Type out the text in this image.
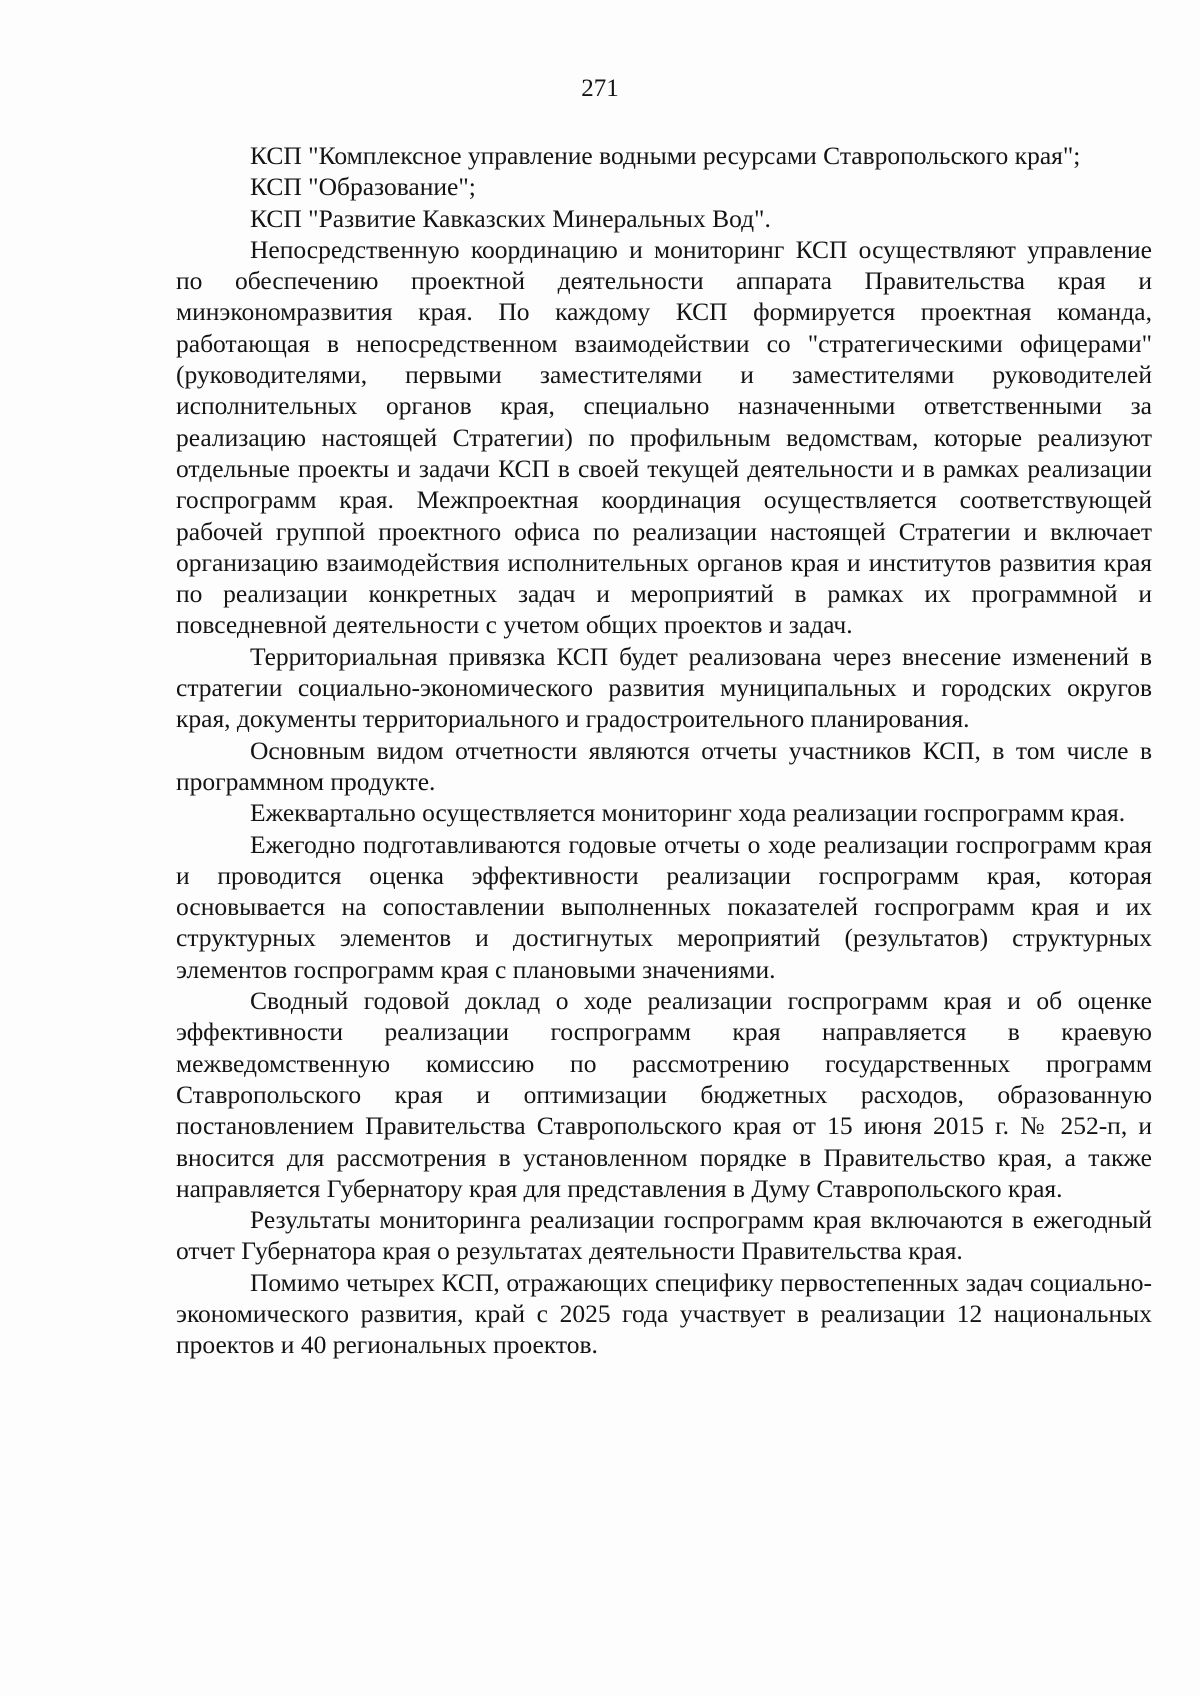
271

КСП "Комплексное управление водными ресурсами Ставропольского края";

КСП "Образование";

КСП "Развитие Кавказских Минеральных Вод".

Непосредственную координацию и мониторинг КСП осуществляют управление по обеспечению проектной деятельности аппарата Правительства края и минэкономразвития края. По каждому КСП формируется проектная команда, работающая в непосредственном взаимодействии со "стратегическими офицерами" (руководителями, первыми заместителями и заместителями руководителей исполнительных органов края, специально назначенными ответственными за реализацию настоящей Стратегии) по профильным ведомствам, которые реализуют отдельные проекты и задачи КСП в своей текущей деятельности и в рамках реализации госпрограмм края. Межпроектная координация осуществляется соответствующей рабочей группой проектного офиса по реализации настоящей Стратегии и включает организацию взаимодействия исполнительных органов края и институтов развития края по реализации конкретных задач и мероприятий в рамках их программной и повседневной деятельности с учетом общих проектов и задач.

Территориальная привязка КСП будет реализована через внесение изменений в стратегии социально-экономического развития муниципальных и городских округов края, документы территориального и градостроительного планирования.

Основным видом отчетности являются отчеты участников КСП, в том числе в программном продукте.

Ежеквартально осуществляется мониторинг хода реализации госпрограмм края.

Ежегодно подготавливаются годовые отчеты о ходе реализации госпрограмм края и проводится оценка эффективности реализации госпрограмм края, которая основывается на сопоставлении выполненных показателей госпрограмм края и их структурных элементов и достигнутых мероприятий (результатов) структурных элементов госпрограмм края с плановыми значениями.

Сводный годовой доклад о ходе реализации госпрограмм края и об оценке эффективности реализации госпрограмм края направляется в краевую межведомственную комиссию по рассмотрению государственных программ Ставропольского края и оптимизации бюджетных расходов, образованную постановлением Правительства Ставропольского края от 15 июня 2015 г. № 252-п, и вносится для рассмотрения в установленном порядке в Правительство края, а также направляется Губернатору края для представления в Думу Ставропольского края.

Результаты мониторинга реализации госпрограмм края включаются в ежегодный отчет Губернатора края о результатах деятельности Правительства края.

Помимо четырех КСП, отражающих специфику первостепенных задач социально-экономического развития, край с 2025 года участвует в реализации 12 национальных проектов и 40 региональных проектов.
